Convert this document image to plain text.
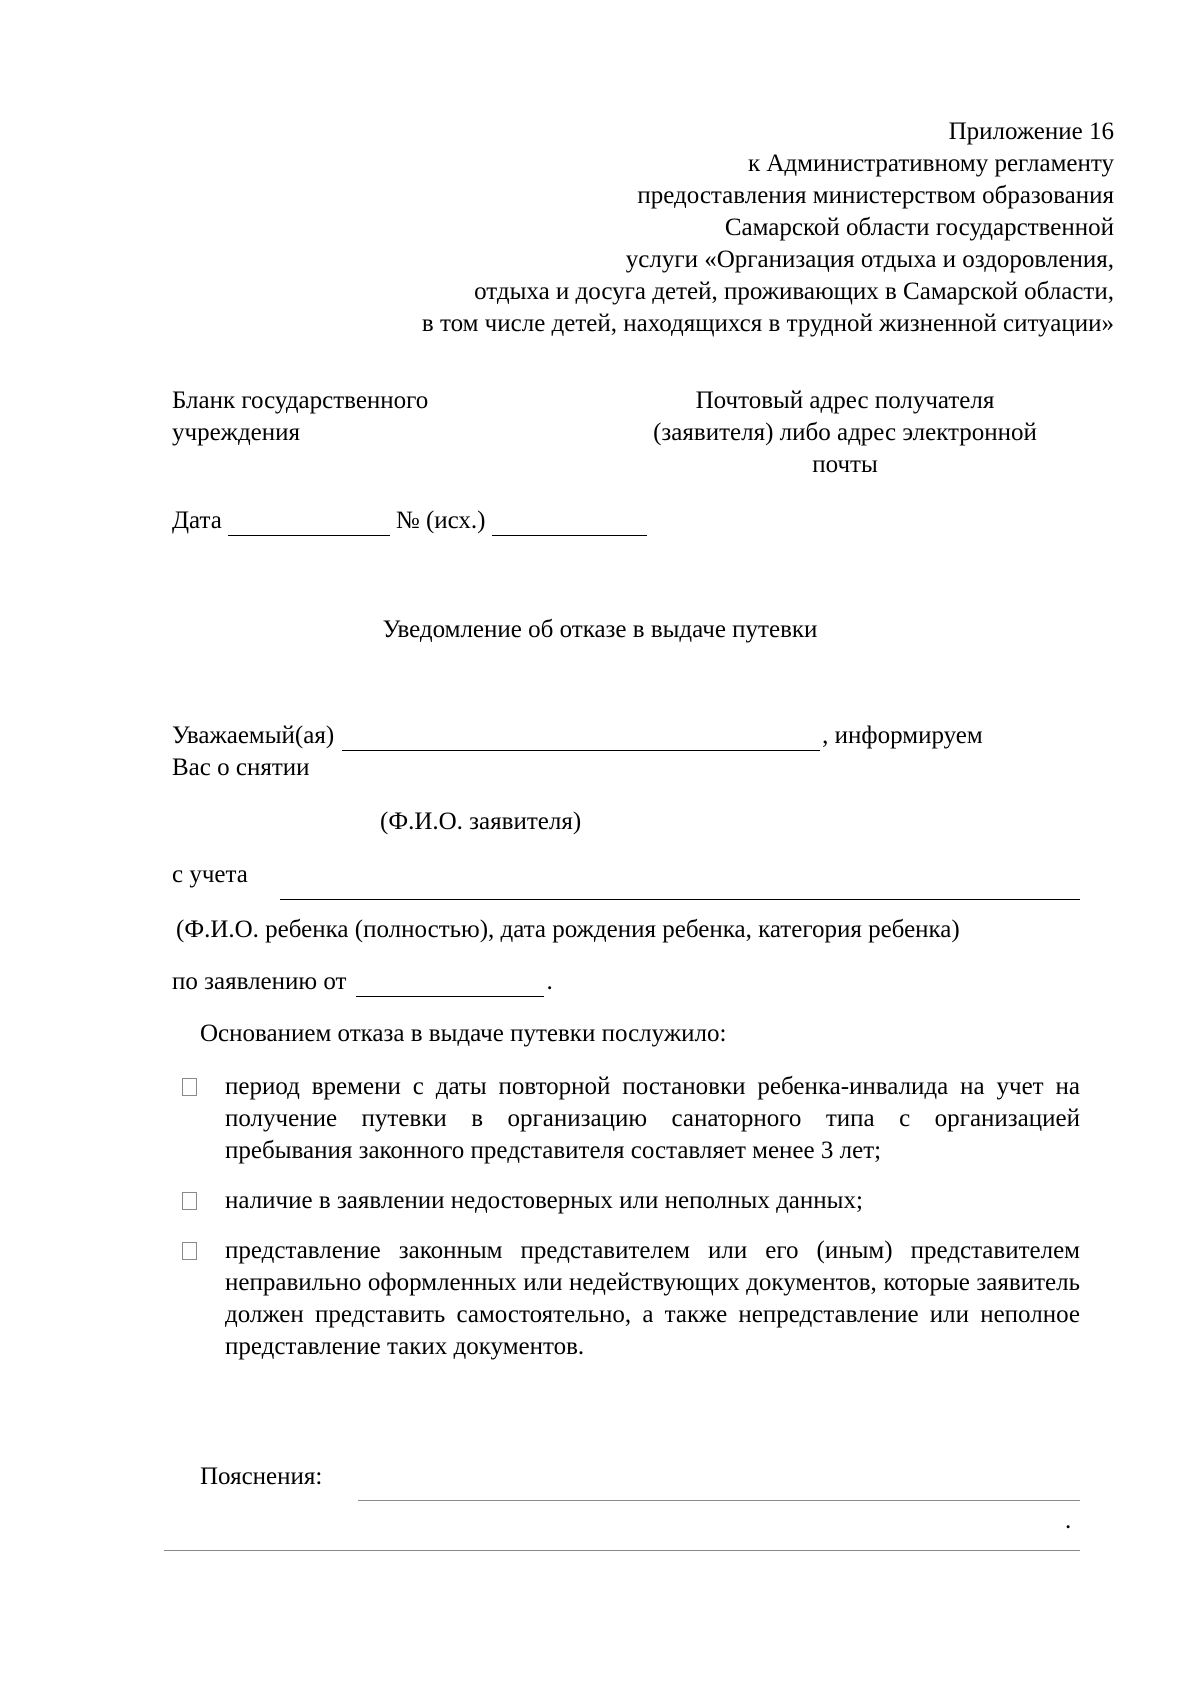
Приложение 16
к Административному регламенту
предоставления министерством образования
Самарской области государственной
услуги «Организация отдыха и оздоровления,
отдыха и досуга детей, проживающих в Самарской области,
в том числе детей, находящихся в трудной жизненной ситуации»
Бланк государственного
учреждения
Почтовый адрес получателя
(заявителя) либо адрес электронной
почты
Дата	№ (исх.)
Уведомление об отказе в выдаче путевки
Уважаемый(ая)	, информируем
Вас о снятии
(Ф.И.О. заявителя)
с учета
(Ф.И.О. ребенка (полностью), дата рождения ребенка, категория ребенка)
по заявлению от	.
Основанием отказа в выдаче путевки послужило:
период времени с даты повторной постановки ребенка-инвалида на учет на получение путевки в организацию санаторного типа с организацией пребывания законного представителя составляет менее 3 лет;
наличие в заявлении недостоверных или неполных данных;
представление законным представителем или его (иным) представителем неправильно оформленных или недействующих документов, которые заявитель должен представить самостоятельно, а также непредставление или неполное представление таких документов.
Пояснения:
.
